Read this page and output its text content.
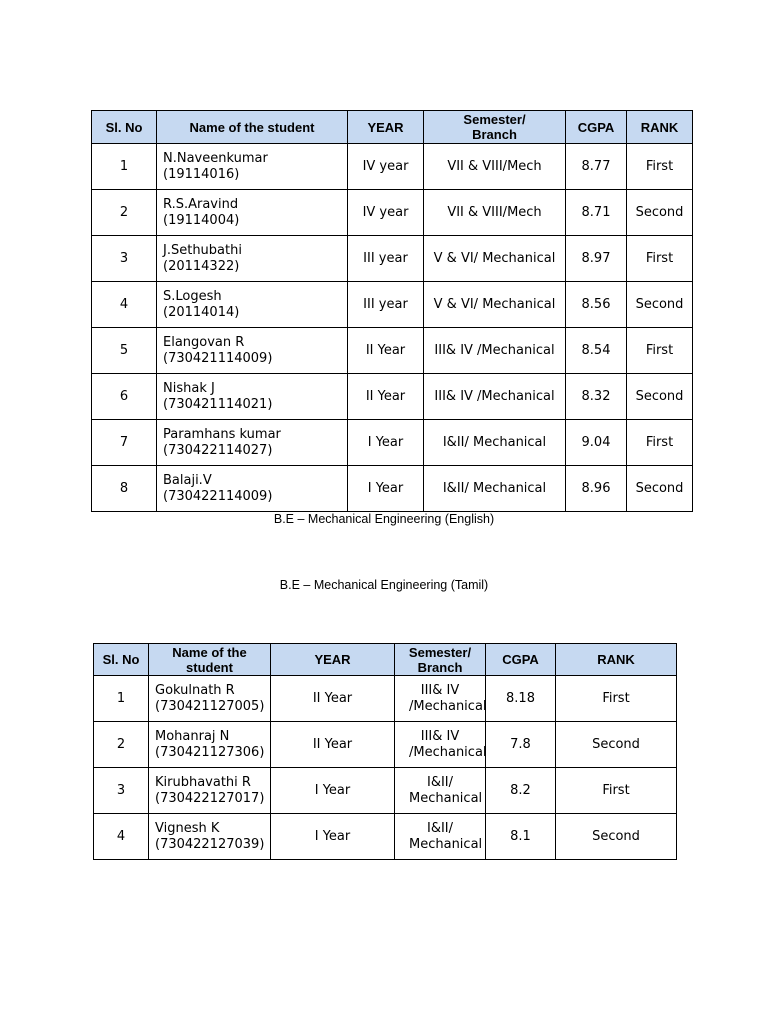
Sl. No	Name of the student	YEAR	Semester/ Branch	CGPA	RANK
1	N.Naveenkumar
(19114016)	IV year	VII & VIII/Mech	8.77	First
2	R.S.Aravind
(19114004)	IV year	VII & VIII/Mech	8.71	Second
3	J.Sethubathi
(20114322)	III year	V & VI/ Mechanical	8.97	First
4	S.Logesh
(20114014)	III year	V & VI/ Mechanical	8.56	Second
5	Elangovan R
(730421114009)	II Year	III& IV /Mechanical	8.54	First
6	Nishak J
(730421114021)	II Year	III& IV /Mechanical	8.32	Second
7	Paramhans kumar
(730422114027)	I Year	I&II/ Mechanical	9.04	First
8	Balaji.V
(730422114009)	I Year	I&II/ Mechanical	8.96	Second
B.E – Mechanical Engineering (English)
B.E – Mechanical Engineering (Tamil)
Sl. No	Name of the student	YEAR	Semester/ Branch	CGPA	RANK
1	Gokulnath R
(730421127005)	II Year	III& IV /Mechanical	8.18	First
2	Mohanraj N
(730421127306)	II Year	III& IV /Mechanical	7.8	Second
3	Kirubhavathi R
(730422127017)	I Year	I&II/ Mechanical	8.2	First
4	Vignesh K
(730422127039)	I Year	I&II/ Mechanical	8.1	Second
